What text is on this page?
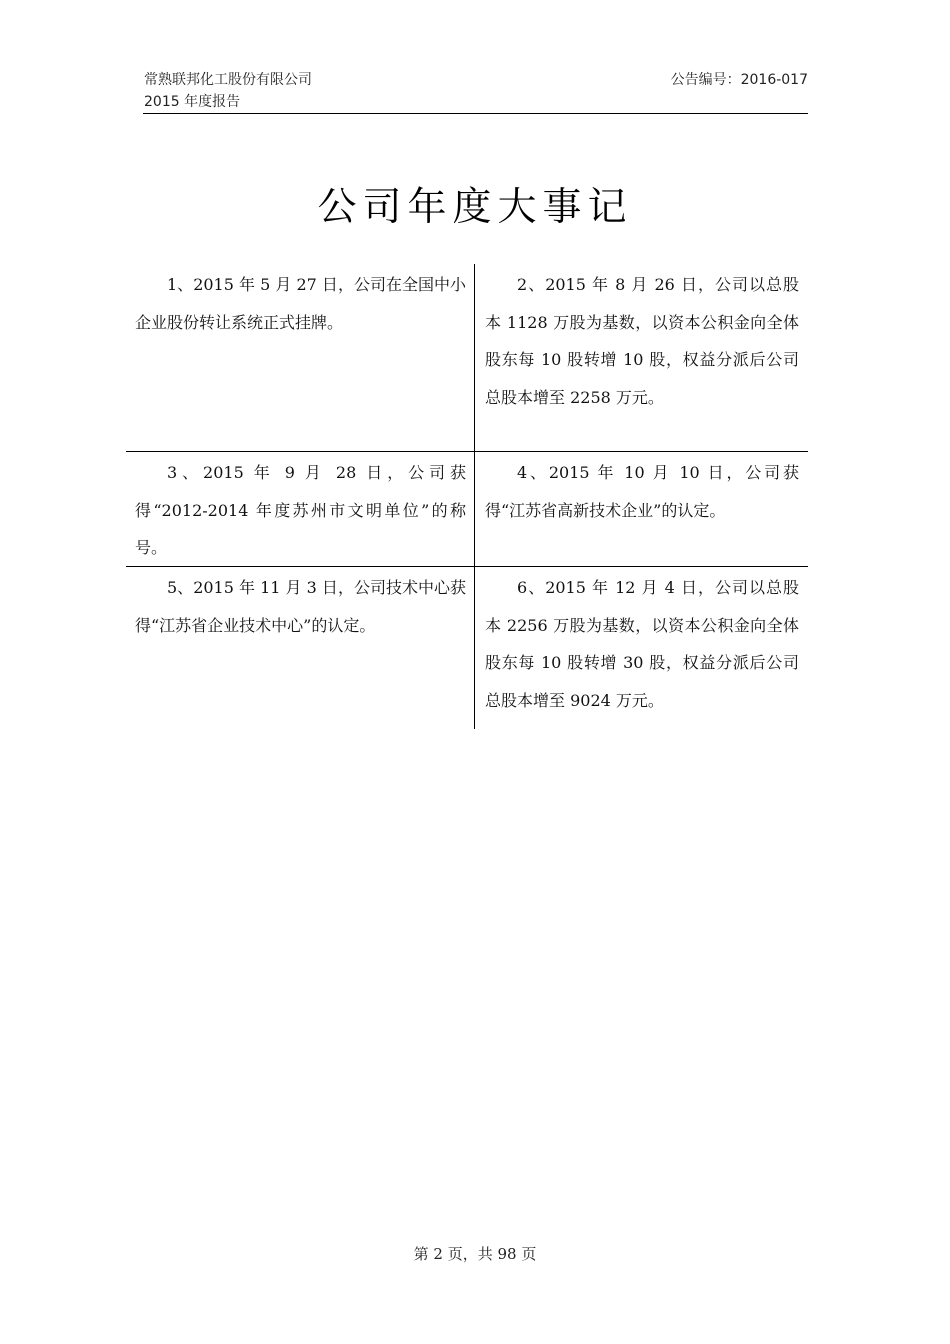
常熟联邦化工股份有限公司
2015 年度报告
公告编号：2016-017
公司年度大事记
1、2015 年 5 月 27 日，公司在全国中小企业股份转让系统正式挂牌。
2、2015 年 8 月 26 日，公司以总股本 1128 万股为基数，以资本公积金向全体股东每 10 股转增 10 股，权益分派后公司总股本增至 2258 万元。
3、2015 年 9 月 28 日，公司获得“2012-2014 年度苏州市文明单位”的称号。
4、2015 年 10 月 10 日，公司获得“江苏省高新技术企业”的认定。
5、2015 年 11 月 3 日，公司技术中心获得“江苏省企业技术中心”的认定。
6、2015 年 12 月 4 日，公司以总股本 2256 万股为基数，以资本公积金向全体股东每 10 股转增 30 股，权益分派后公司总股本增至 9024 万元。
第 2 页，共 98 页
